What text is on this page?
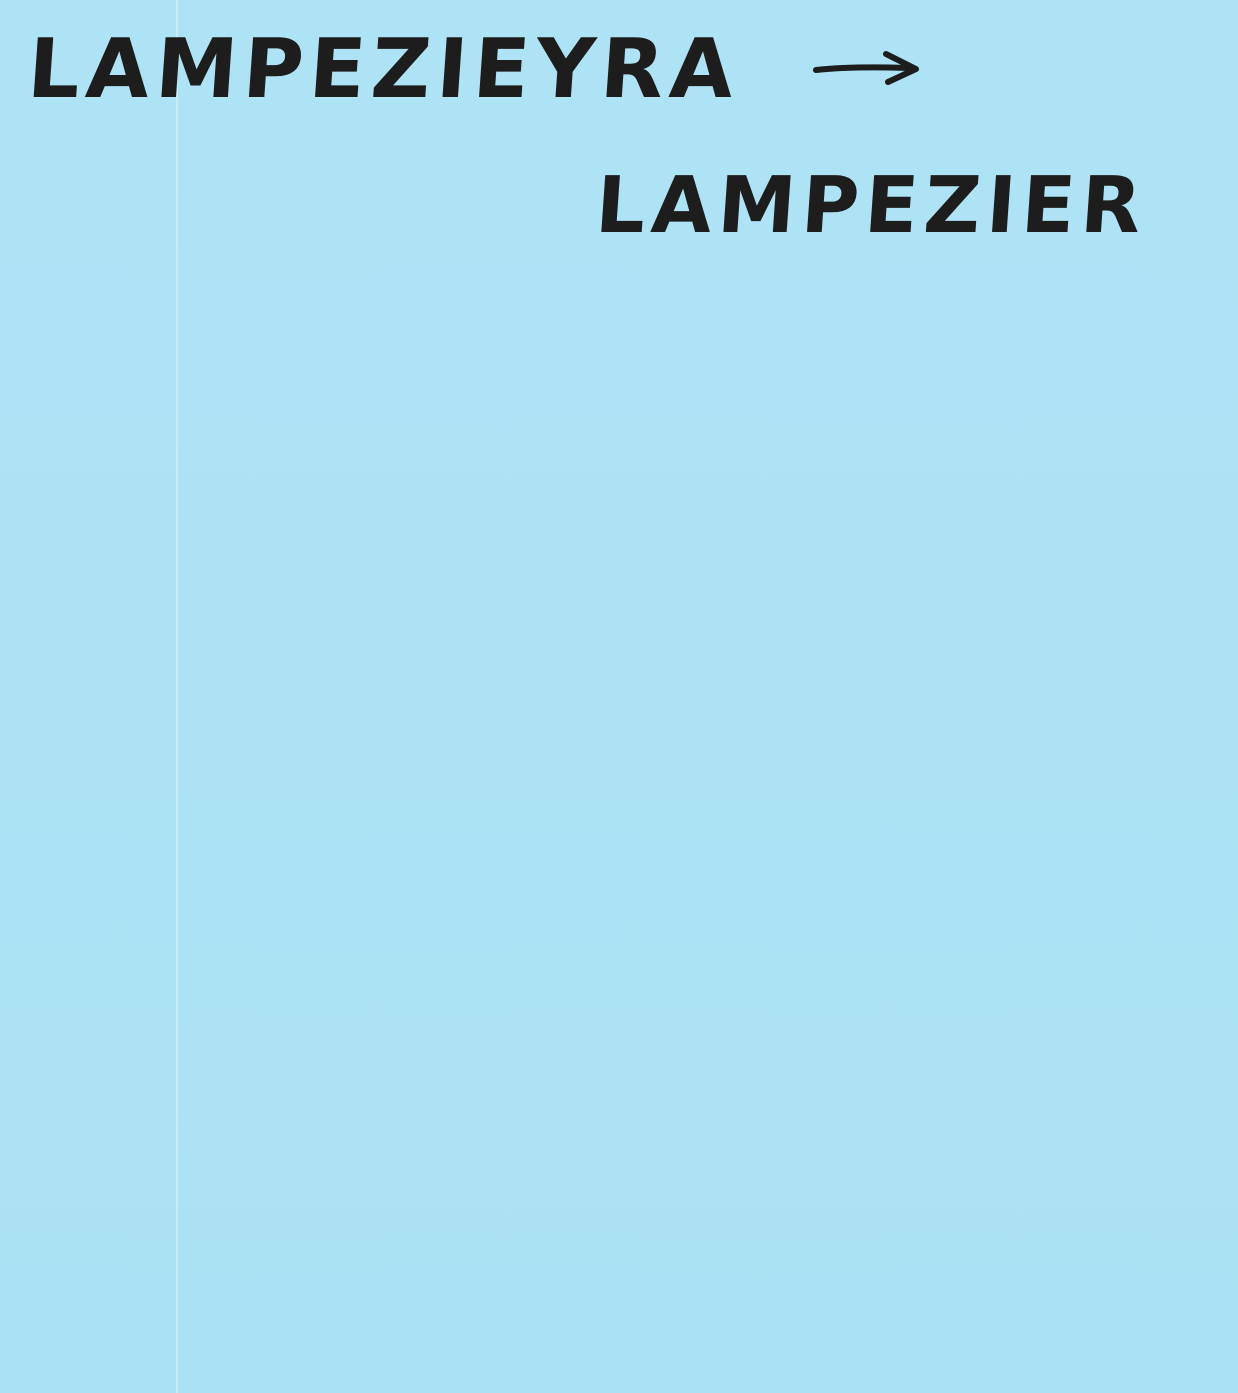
LAMPEZIEYRA
LAMPEZIER
